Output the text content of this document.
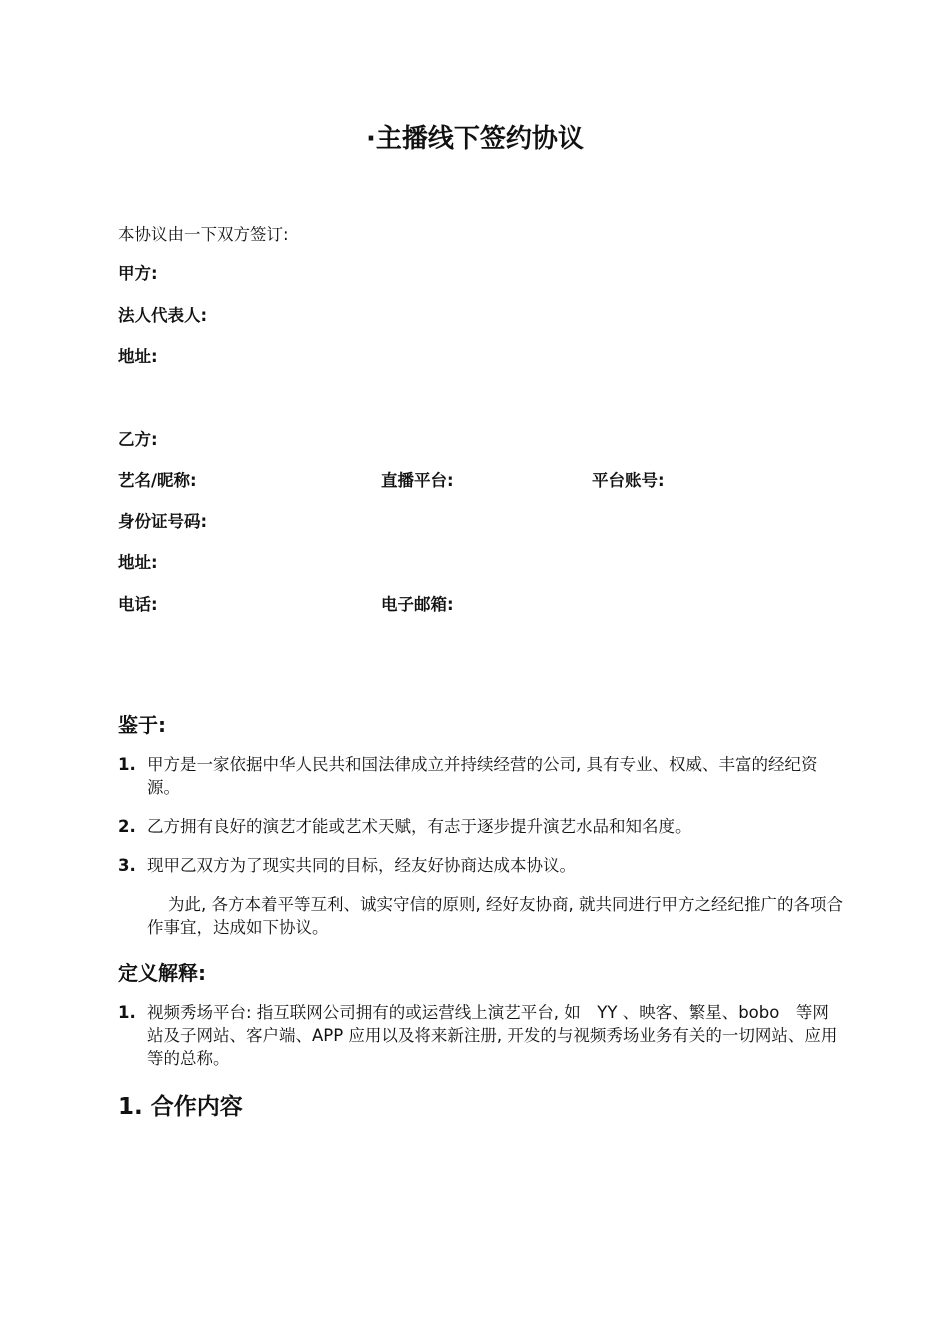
·主播线下签约协议
本协议由一下双方签订:
甲方:
法人代表人:
地址:
乙方:
艺名/昵称:	直播平台:	平台账号:
身份证号码:
地址:
电话:	电子邮箱:
鉴于:
1. 甲方是一家依据中华人民共和国法律成立并持续经营的公司, 具有专业、权威、丰富的经纪资源。
2. 乙方拥有良好的演艺才能或艺术天赋，有志于逐步提升演艺水品和知名度。
3. 现甲乙双方为了现实共同的目标，经友好协商达成本协议。
为此, 各方本着平等互利、诚实守信的原则, 经好友协商, 就共同进行甲方之经纪推广的各项合作事宜，达成如下协议。
定义解释:
1. 视频秀场平台: 指互联网公司拥有的或运营线上演艺平台, 如　YY 、映客、繁星、bobo　等网站及子网站、客户端、APP 应用以及将来新注册, 开发的与视频秀场业务有关的一切网站、应用等的总称。
1. 合作内容
